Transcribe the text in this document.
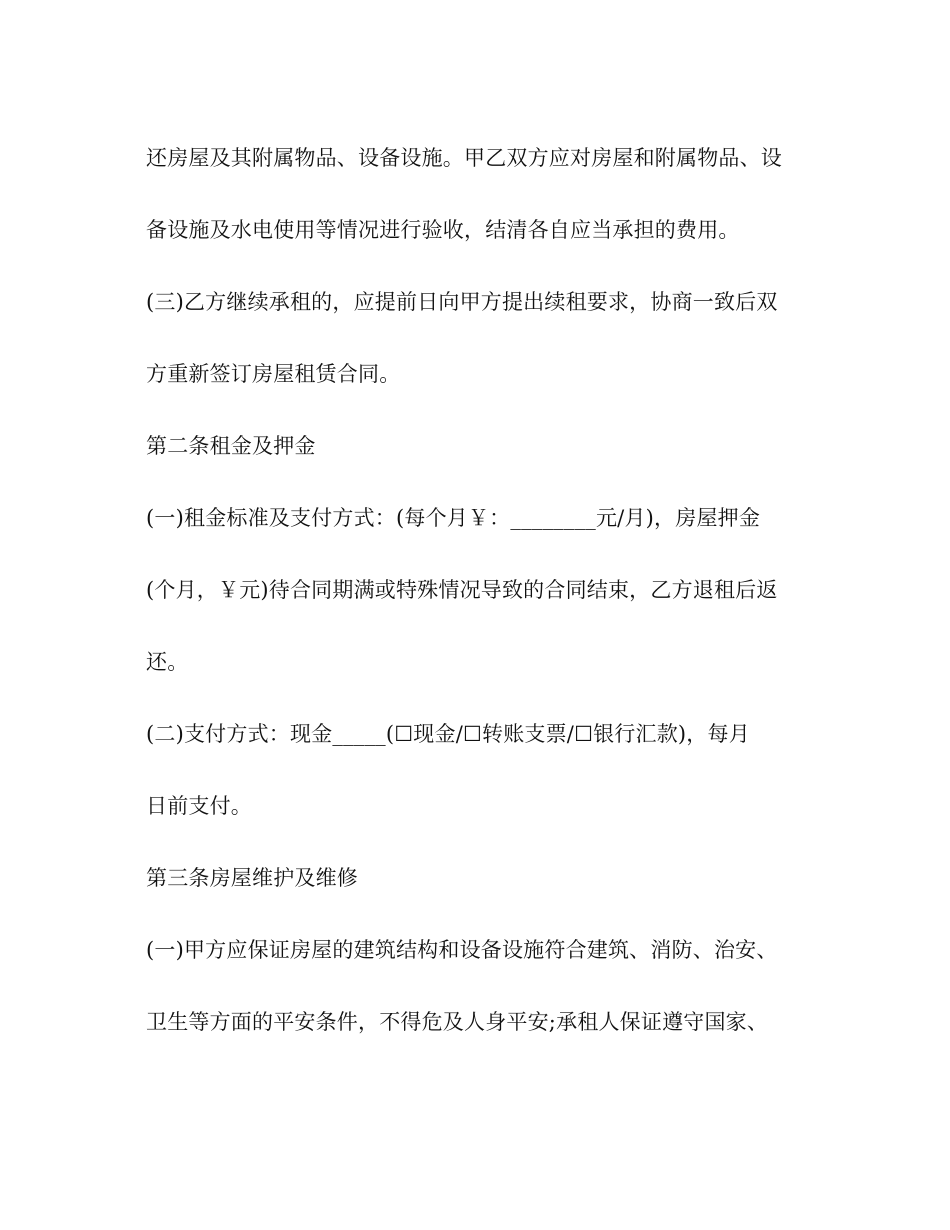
还房屋及其附属物品、设备设施。甲乙双方应对房屋和附属物品、设
备设施及水电使用等情况进行验收，结清各自应当承担的费用。
(三)乙方继续承租的，应提前日向甲方提出续租要求，协商一致后双
方重新签订房屋租赁合同。
第二条租金及押金
(一)租金标准及支付方式：(每个月￥：________元/月)，房屋押金
(个月，￥元)待合同期满或特殊情况导致的合同结束，乙方退租后返
还。
(二)支付方式：现金_____(☐现金/☐转账支票/☐银行汇款)，每月
日前支付。
第三条房屋维护及维修
(一)甲方应保证房屋的建筑结构和设备设施符合建筑、消防、治安、
卫生等方面的平安条件，不得危及人身平安;承租人保证遵守国家、
